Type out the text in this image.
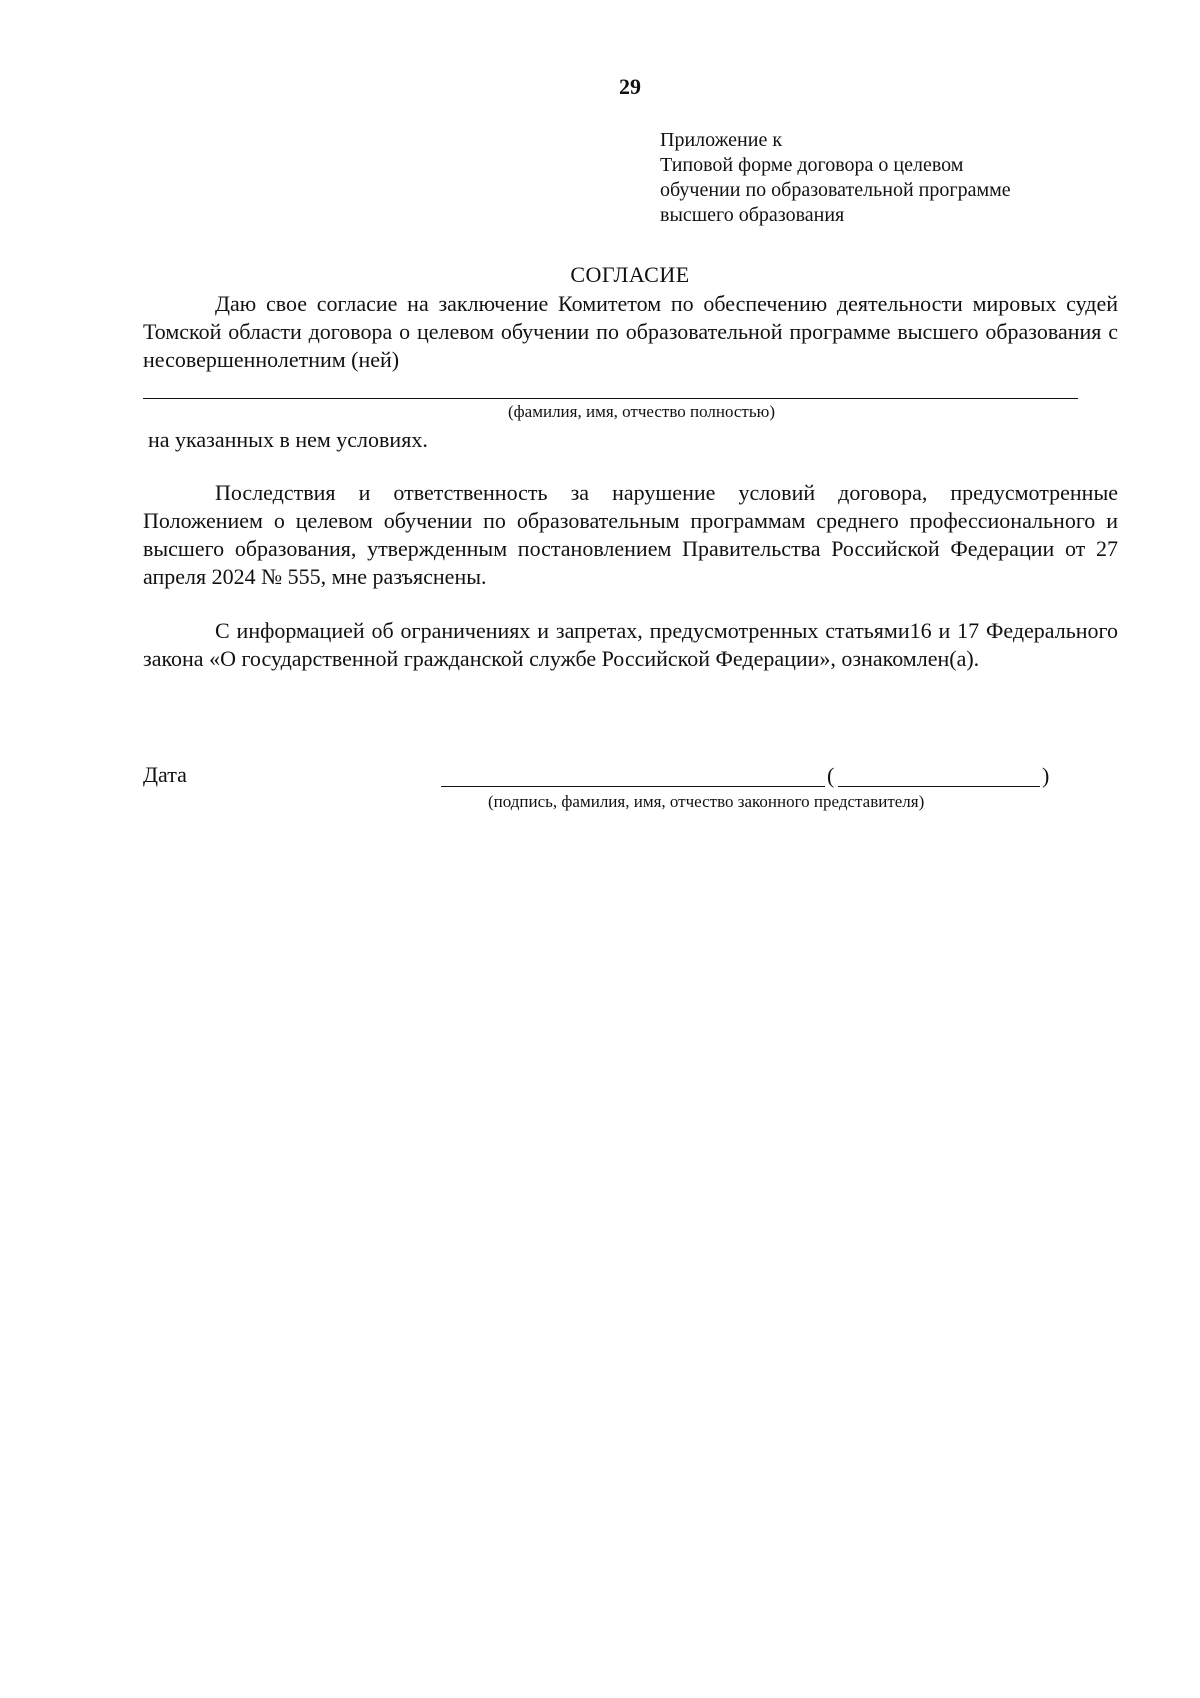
29
Приложение к
Типовой форме договора о целевом
обучении по образовательной программе
высшего образования
СОГЛАСИЕ
Даю свое согласие на заключение Комитетом по обеспечению деятельности мировых судей Томской области договора о целевом обучении по образовательной программе высшего образования с несовершеннолетним (ней)
(фамилия, имя, отчество полностью)
на указанных в нем условиях.
Последствия и ответственность за нарушение условий договора, предусмотренные Положением о целевом обучении по образовательным программам среднего профессионального и высшего образования, утвержденным постановлением Правительства Российской Федерации от 27 апреля 2024 № 555, мне разъяснены.
С информацией об ограничениях и запретах, предусмотренных статьями16 и 17 Федерального закона «О государственной гражданской службе Российской Федерации», ознакомлен(а).
Дата	(	)
(подпись, фамилия, имя, отчество законного представителя)
